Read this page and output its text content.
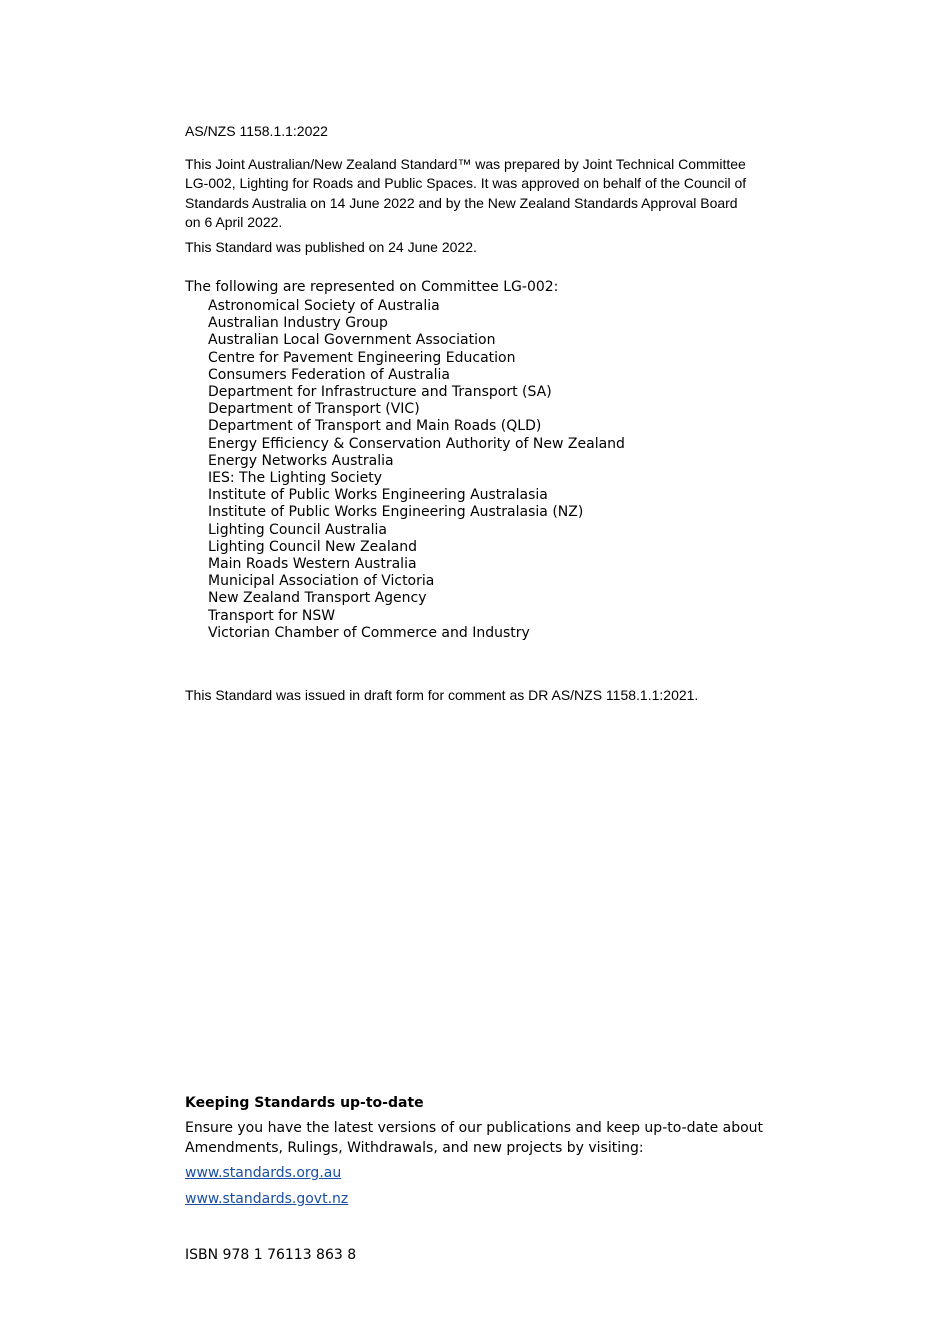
AS/NZS 1158.1.1:2022

This Joint Australian/New Zealand Standard™ was prepared by Joint Technical Committee

LG-002, Lighting for Roads and Public Spaces. It was approved on behalf of the Council of

Standards Australia on 14 June 2022 and by the New Zealand Standards Approval Board

on 6 April 2022.

This Standard was published on 24 June 2022.

The following are represented on Committee LG-002:

Astronomical Society of Australia
Australian Industry Group
Australian Local Government Association
Centre for Pavement Engineering Education
Consumers Federation of Australia
Department for Infrastructure and Transport (SA)
Department of Transport (VIC)
Department of Transport and Main Roads (QLD)
Energy Efficiency & Conservation Authority of New Zealand
Energy Networks Australia
IES: The Lighting Society
Institute of Public Works Engineering Australasia
Institute of Public Works Engineering Australasia (NZ)
Lighting Council Australia
Lighting Council New Zealand
Main Roads Western Australia
Municipal Association of Victoria
New Zealand Transport Agency
Transport for NSW
Victorian Chamber of Commerce and Industry

This Standard was issued in draft form for comment as DR AS/NZS 1158.1.1:2021.

Keeping Standards up-to-date

Ensure you have the latest versions of our publications and keep up-to-date about

Amendments, Rulings, Withdrawals, and new projects by visiting:

www.standards.org.au

www.standards.govt.nz

ISBN 978 1 76113 863 8
